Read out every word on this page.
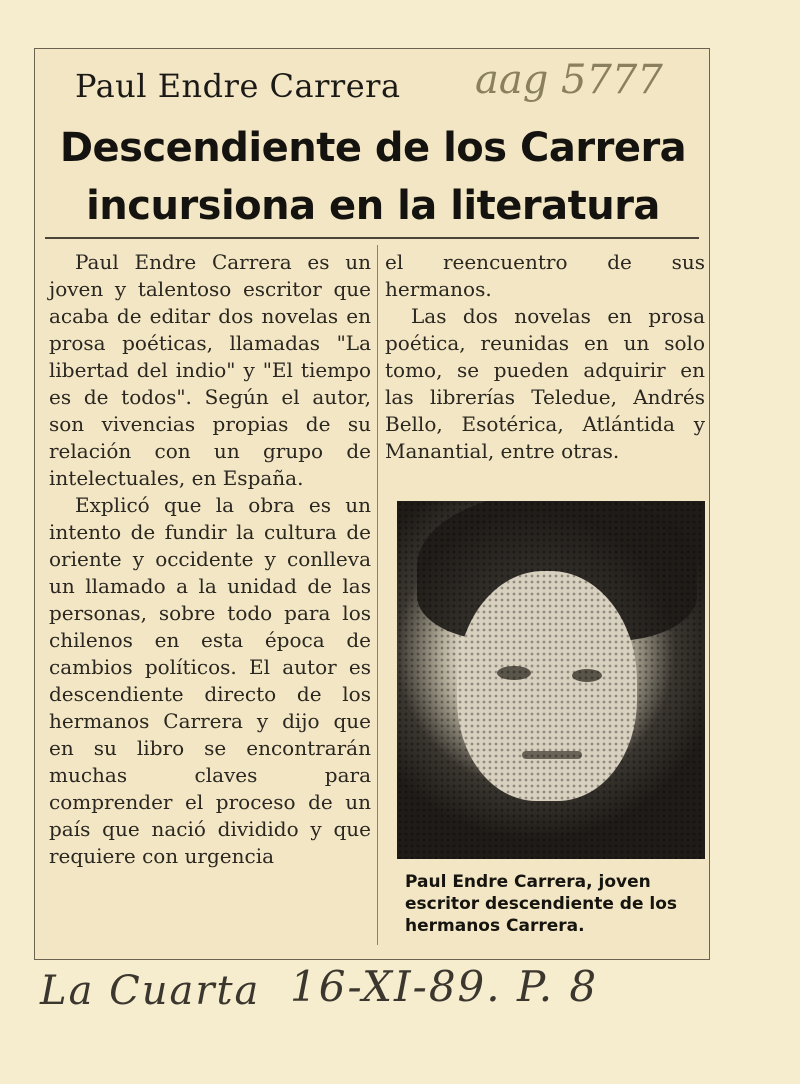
Paul Endre Carrera aag 5777
Descendiente de los Carrera incursiona en la literatura

Paul Endre Carrera es un joven y talentoso escritor que acaba de editar dos novelas en prosa poéticas, llamadas "La libertad del indio" y "El tiempo es de todos". Según el autor, son vivencias propias de su relación con un grupo de intelectuales, en España.

Explicó que la obra es un intento de fundir la cultura de oriente y occidente y conlleva un llamado a la unidad de las personas, sobre todo para los chilenos en esta época de cambios políticos. El autor es descendiente directo de los hermanos Carrera y dijo que en su libro se encontrarán muchas claves para comprender el proceso de un país que nació dividido y que requiere con urgencia

el reencuentro de sus hermanos.

Las dos novelas en prosa poética, reunidas en un solo tomo, se pueden adquirir en las librerías Teledue, Andrés Bello, Esotérica, Atlántida y Manantial, entre otras.

Paul Endre Carrera, joven escritor descendiente de los hermanos Carrera.
La Cuarta 16-XI-89. P. 8
